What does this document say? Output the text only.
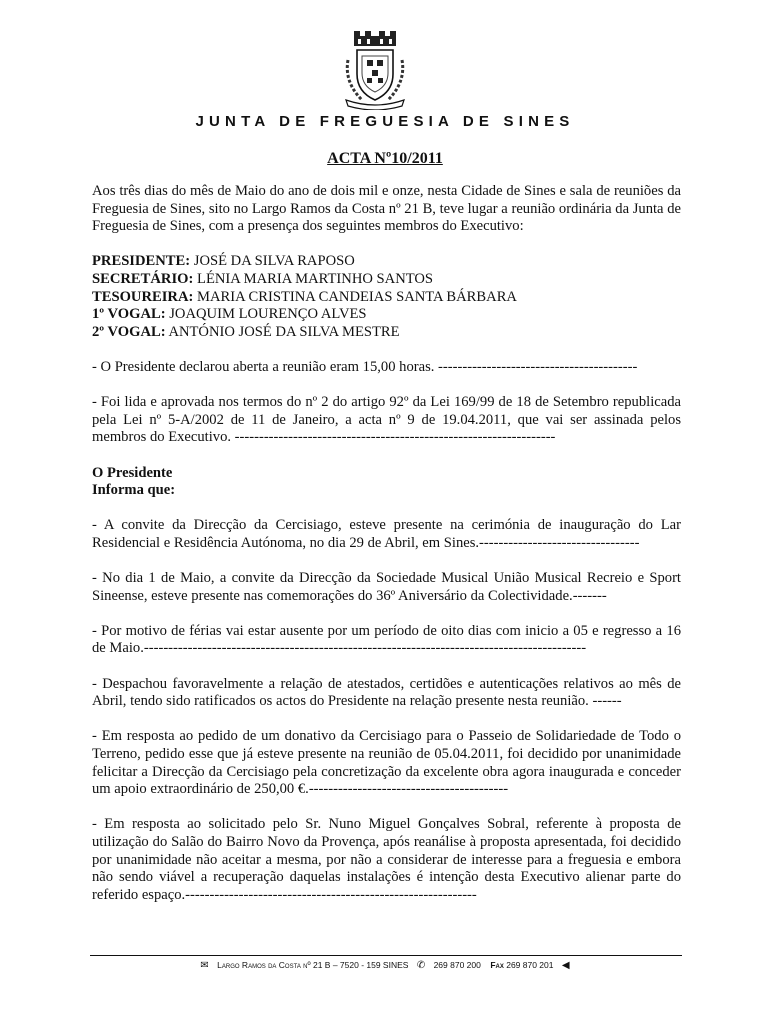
JUNTA DE FREGUESIA DE SINES
ACTA Nº10/2011

Aos três dias do mês de Maio do ano de dois mil e onze, nesta Cidade de Sines e sala de reuniões da Freguesia de Sines, sito no Largo Ramos da Costa nº 21 B, teve lugar a reunião ordinária da Junta de Freguesia de Sines, com a presença dos seguintes membros do Executivo:

PRESIDENTE: JOSÉ DA SILVA RAPOSO
SECRETÁRIO: LÉNIA MARIA MARTINHO SANTOS
TESOUREIRA: MARIA CRISTINA CANDEIAS SANTA BÁRBARA
1º VOGAL: JOAQUIM LOURENÇO ALVES
2º VOGAL: ANTÓNIO JOSÉ DA SILVA MESTRE

- O Presidente declarou aberta a reunião eram 15,00 horas. -----------------------------------------

- Foi lida e aprovada nos termos do nº 2 do artigo 92º da Lei 169/99 de 18 de Setembro republicada pela Lei nº 5-A/2002 de 11 de Janeiro, a acta nº 9 de 19.04.2011, que vai ser assinada pelos membros do Executivo. ------------------------------------------------------------------

O Presidente
Informa que:

- A convite da Direcção da Cercisiago, esteve presente na cerimónia de inauguração do Lar Residencial e Residência Autónoma, no dia 29 de Abril, em Sines.---------------------------------

- No dia 1 de Maio, a convite da Direcção da Sociedade Musical União Musical Recreio e Sport Sineense, esteve presente nas comemorações do 36º Aniversário da Colectividade.-------

- Por motivo de férias vai estar ausente por um período de oito dias com inicio a 05 e regresso a 16 de Maio.-------------------------------------------------------------------------------------------

- Despachou favoravelmente a relação de atestados, certidões e autenticações relativos ao mês de Abril, tendo sido ratificados os actos do Presidente na relação presente nesta reunião. ------

- Em resposta ao pedido de um donativo da Cercisiago para o Passeio de Solidariedade de Todo o Terreno, pedido esse que já esteve presente na reunião de 05.04.2011, foi decidido por unanimidade felicitar a Direcção da Cercisiago pela concretização da excelente obra agora inaugurada e conceder um apoio extraordinário de 250,00 €.-----------------------------------------

- Em resposta ao solicitado pelo Sr. Nuno Miguel Gonçalves Sobral, referente à proposta de utilização do Salão do Bairro Novo da Provença, após reanálise à proposta apresentada, foi decidido por unanimidade não aceitar a mesma, por não a considerar de interesse para a freguesia e embora não sendo viável a recuperação daquelas instalações é intenção desta Executivo alienar parte do referido espaço.------------------------------------------------------------

✉ Largo Ramos da Costa nº 21 B – 7520 - 159 SINES ✆ 269 870 200 Fax 269 870 201 ◀
